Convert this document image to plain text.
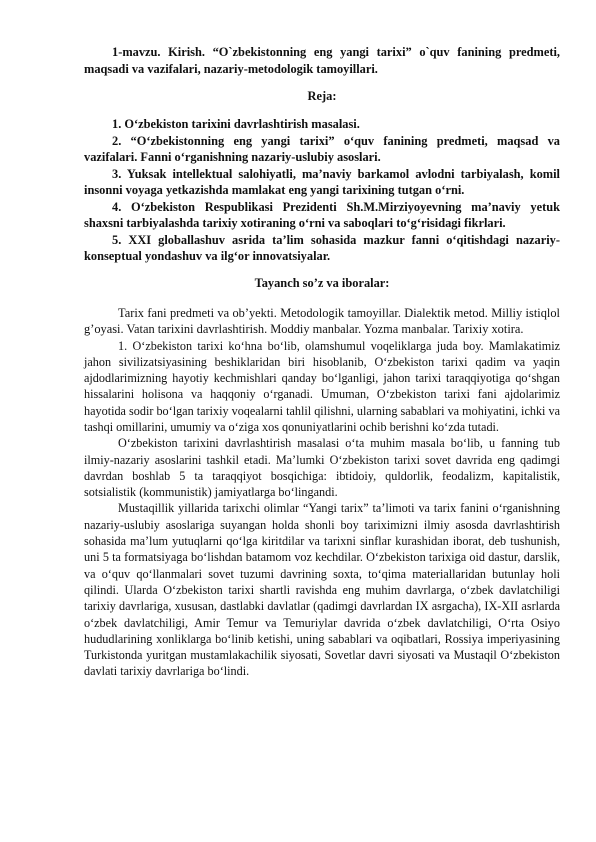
1-mavzu. Kirish. “O`zbekistonning eng yangi tarixi” o`quv fanining predmeti, maqsadi va vazifalari, nazariy-metodologik tamoyillari.

Reja:

1. O‘zbekiston tarixini davrlashtirish masalasi.

2. “O‘zbekistonning eng yangi tarixi” o‘quv fanining predmeti, maqsad va vazifalari. Fanni o‘rganishning nazariy-uslubiy asoslari.

3. Yuksak intellektual salohiyatli, ma’naviy barkamol avlodni tarbiyalash, komil insonni voyaga yetkazishda mamlakat eng yangi tarixining tutgan o‘rni.

4. O‘zbekiston Respublikasi Prezidenti Sh.M.Mirziyoyevning ma’naviy yetuk shaxsni tarbiyalashda tarixiy xotiraning o‘rni va saboqlari to‘g‘risidagi fikrlari.

5. XXI globallashuv asrida ta’lim sohasida mazkur fanni o‘qitishdagi nazariy-konseptual yondashuv va ilg‘or innovatsiyalar.

Tayanch so’z va iboralar:

Tarix fani predmeti va ob’yekti. Metodologik tamoyillar. Dialektik metod. Milliy istiqlol g’oyasi. Vatan tarixini davrlashtirish. Moddiy manbalar. Yozma manbalar. Tarixiy xotira.

1. O‘zbekiston tarixi ko‘hna bo‘lib, olamshumul voqeliklarga juda boy. Mamlakatimiz jahon sivilizatsiyasining beshiklaridan biri hisoblanib, O‘zbekiston tarixi qadim va yaqin ajdodlarimizning hayotiy kechmishlari qanday bo‘lganligi, jahon tarixi taraqqiyotiga qo‘shgan hissalarini holisona va haqqoniy o‘rganadi. Umuman, O‘zbekiston tarixi fani ajdolarimiz hayotida sodir bo‘lgan tarixiy voqealarni tahlil qilishni, ularning sabablari va mohiyatini, ichki va tashqi omillarini, umumiy va o‘ziga xos qonuniyatlarini ochib berishni ko‘zda tutadi.

O‘zbekiston tarixini davrlashtirish masalasi o‘ta muhim masala bo‘lib, u fanning tub ilmiy-nazariy asoslarini tashkil etadi. Ma’lumki O‘zbekiston tarixi sovet davrida eng qadimgi davrdan boshlab 5 ta taraqqiyot bosqichiga: ibtidoiy, quldorlik, feodalizm, kapitalistik, sotsialistik (kommunistik) jamiyatlarga bo‘lingandi.

Mustaqillik yillarida tarixchi olimlar “Yangi tarix” ta’limoti va tarix fanini o‘rganishning nazariy-uslubiy asoslariga suyangan holda shonli boy tariximizni ilmiy asosda davrlashtirish sohasida ma’lum yutuqlarni qo‘lga kiritdilar va tarixni sinflar kurashidan iborat, deb tushunish, uni 5 ta formatsiyaga bo‘lishdan batamom voz kechdilar. O‘zbekiston tarixiga oid dastur, darslik, va o‘quv qo‘llanmalari sovet tuzumi davrining soxta, to‘qima materiallaridan butunlay holi qilindi. Ularda O‘zbekiston tarixi shartli ravishda eng muhim davrlarga, o‘zbek davlatchiligi tarixiy davrlariga, xususan, dastlabki davlatlar (qadimgi davrlardan IX asrgacha), IX-XII asrlarda o‘zbek davlatchiligi, Amir Temur va Temuriylar davrida o‘zbek davlatchiligi, O‘rta Osiyo hududlarining xonliklarga bo‘linib ketishi, uning sabablari va oqibatlari, Rossiya imperiyasining Turkistonda yuritgan mustamlakachilik siyosati, Sovetlar davri siyosati va Mustaqil O‘zbekiston davlati tarixiy davrlariga bo‘lindi.
